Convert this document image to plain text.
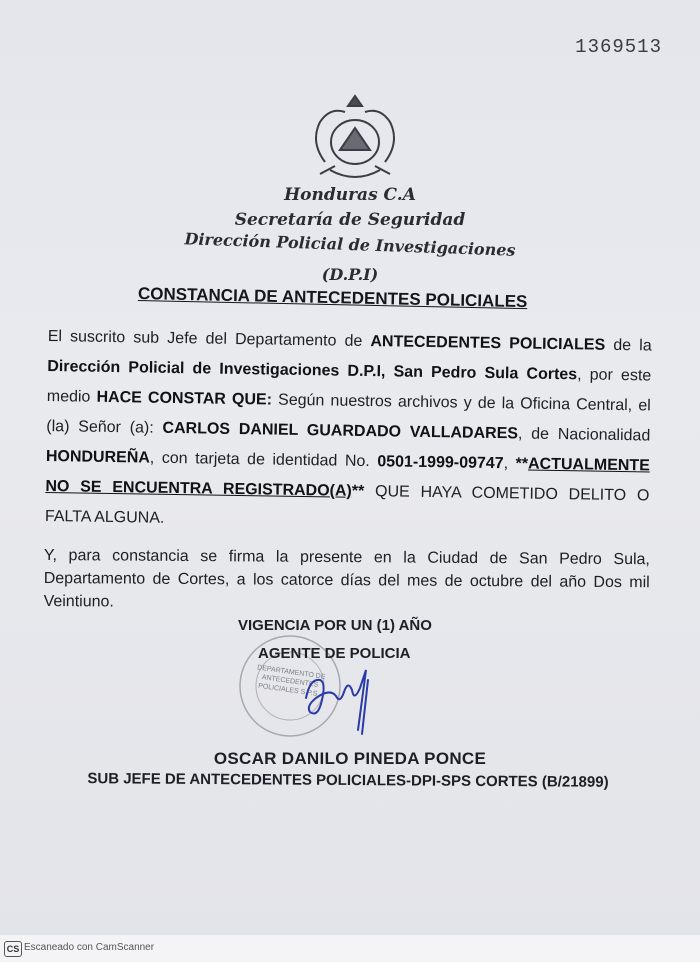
1369513
Honduras C.A
Secretaría de Seguridad
Dirección Policial de Investigaciones
(D.P.I)
CONSTANCIA DE ANTECEDENTES POLICIALES

El suscrito sub Jefe del Departamento de ANTECEDENTES POLICIALES de la Dirección Policial de Investigaciones D.P.I, San Pedro Sula Cortes, por este medio HACE CONSTAR QUE: Según nuestros archivos y de la Oficina Central, el (la) Señor (a): CARLOS DANIEL GUARDADO VALLADARES, de Nacionalidad HONDUREÑA, con tarjeta de identidad No. 0501-1999-09747, **ACTUALMENTE NO SE ENCUENTRA REGISTRADO(A)** QUE HAYA COMETIDO DELITO O FALTA ALGUNA.

Y, para constancia se firma la presente en la Ciudad de San Pedro Sula, Departamento de Cortes, a los catorce días del mes de octubre del año Dos mil Veintiuno.
VIGENCIA POR UN (1) AÑO
DEPARTAMENTO DE ANTECEDENTES POLICIALES S.P.S.
AGENTE DE POLICIA
OSCAR DANILO PINEDA PONCE
SUB JEFE DE ANTECEDENTES POLICIALES-DPI-SPS CORTES (B/21899)
CS Escaneado con CamScanner
